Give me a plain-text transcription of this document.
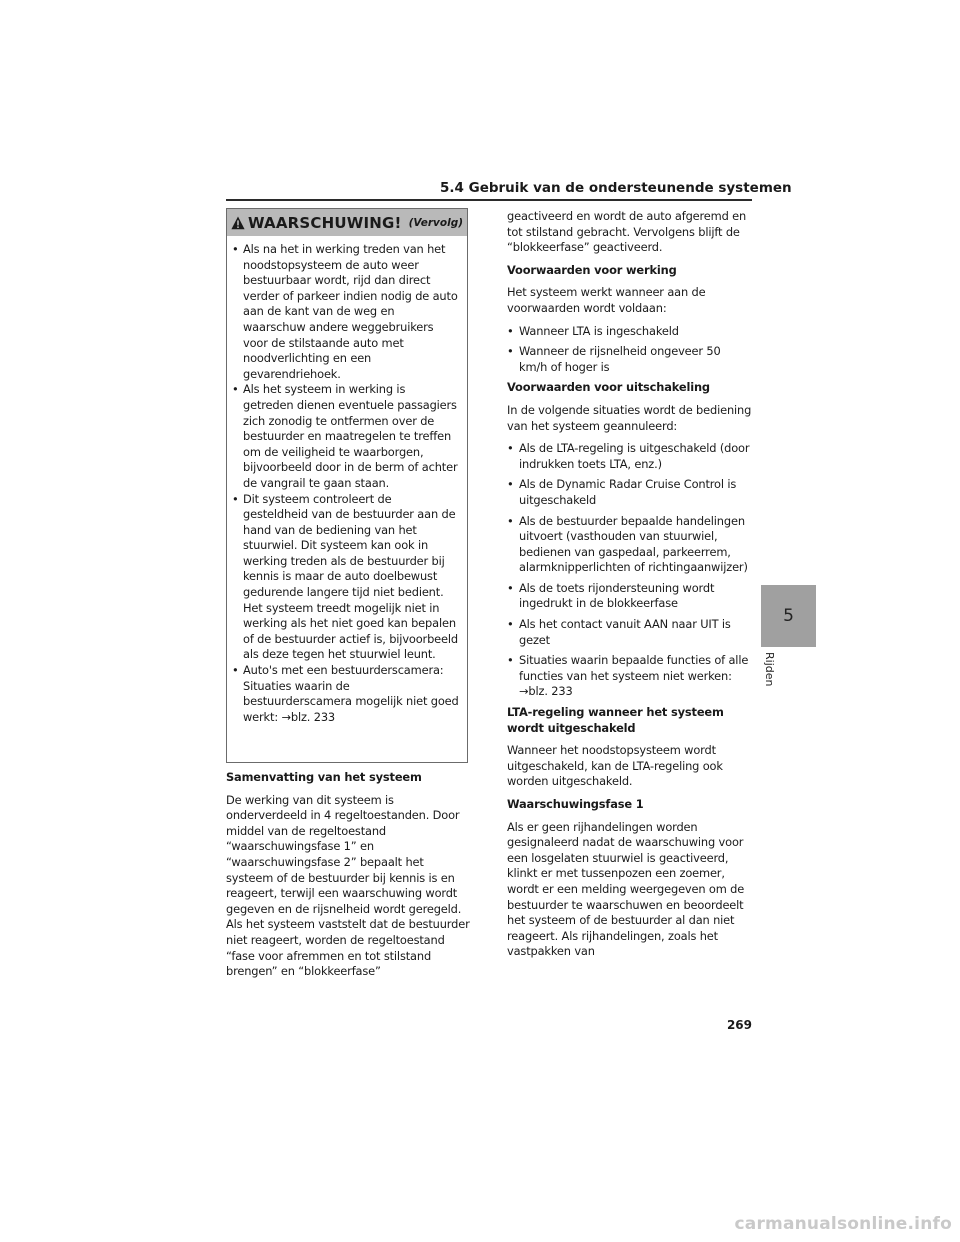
5.4 Gebruik van de ondersteunende systemen
WAARSCHUWING! (Vervolg)
• Als na het in werking treden van het noodstopsysteem de auto weer bestuurbaar wordt, rijd dan direct verder of parkeer indien nodig de auto aan de kant van de weg en waarschuw andere weggebruikers voor de stilstaande auto met noodverlichting en een gevarendriehoek.
• Als het systeem in werking is getreden dienen eventuele passagiers zich zonodig te ontfermen over de bestuurder en maatregelen te treffen om de veiligheid te waarborgen, bijvoorbeeld door in de berm of achter de vangrail te gaan staan.
• Dit systeem controleert de gesteldheid van de bestuurder aan de hand van de bediening van het stuurwiel. Dit systeem kan ook in werking treden als de bestuurder bij kennis is maar de auto doelbewust gedurende langere tijd niet bedient. Het systeem treedt mogelijk niet in werking als het niet goed kan bepalen of de bestuurder actief is, bijvoorbeeld als deze tegen het stuurwiel leunt.
• Auto's met een bestuurderscamera: Situaties waarin de bestuurderscamera mogelijk niet goed werkt: →blz. 233

Samenvatting van het systeem

De werking van dit systeem is onderverdeeld in 4 regeltoestanden. Door middel van de regeltoestand “waarschuwingsfase 1” en “waarschuwingsfase 2” bepaalt het systeem of de bestuurder bij kennis is en reageert, terwijl een waarschuwing wordt gegeven en de rijsnelheid wordt geregeld. Als het systeem vaststelt dat de bestuurder niet reageert, worden de regeltoestand “fase voor afremmen en tot stilstand brengen” en “blokkeerfase”

geactiveerd en wordt de auto afgeremd en tot stilstand gebracht. Vervolgens blijft de “blokkeerfase” geactiveerd.

Voorwaarden voor werking

Het systeem werkt wanneer aan de voorwaarden wordt voldaan:

• Wanneer LTA is ingeschakeld
• Wanneer de rijsnelheid ongeveer 50 km/h of hoger is

Voorwaarden voor uitschakeling

In de volgende situaties wordt de bediening van het systeem geannuleerd:

• Als de LTA-regeling is uitgeschakeld (door indrukken toets LTA, enz.)
• Als de Dynamic Radar Cruise Control is uitgeschakeld
• Als de bestuurder bepaalde handelingen uitvoert (vasthouden van stuurwiel, bedienen van gaspedaal, parkeerrem, alarmknipperlichten of richtingaanwijzer)
• Als de toets rijondersteuning wordt ingedrukt in de blokkeerfase
• Als het contact vanuit AAN naar UIT is gezet
• Situaties waarin bepaalde functies of alle functies van het systeem niet werken: →blz. 233

LTA-regeling wanneer het systeem wordt uitgeschakeld

Wanneer het noodstopsysteem wordt uitgeschakeld, kan de LTA-regeling ook worden uitgeschakeld.

Waarschuwingsfase 1

Als er geen rijhandelingen worden gesignaleerd nadat de waarschuwing voor een losgelaten stuurwiel is geactiveerd, klinkt er met tussenpozen een zoemer, wordt er een melding weergegeven om de bestuurder te waarschuwen en beoordeelt het systeem of de bestuurder al dan niet reageert. Als rijhandelingen, zoals het vastpakken van

5
Rijden
269
carmanualsonline.info
